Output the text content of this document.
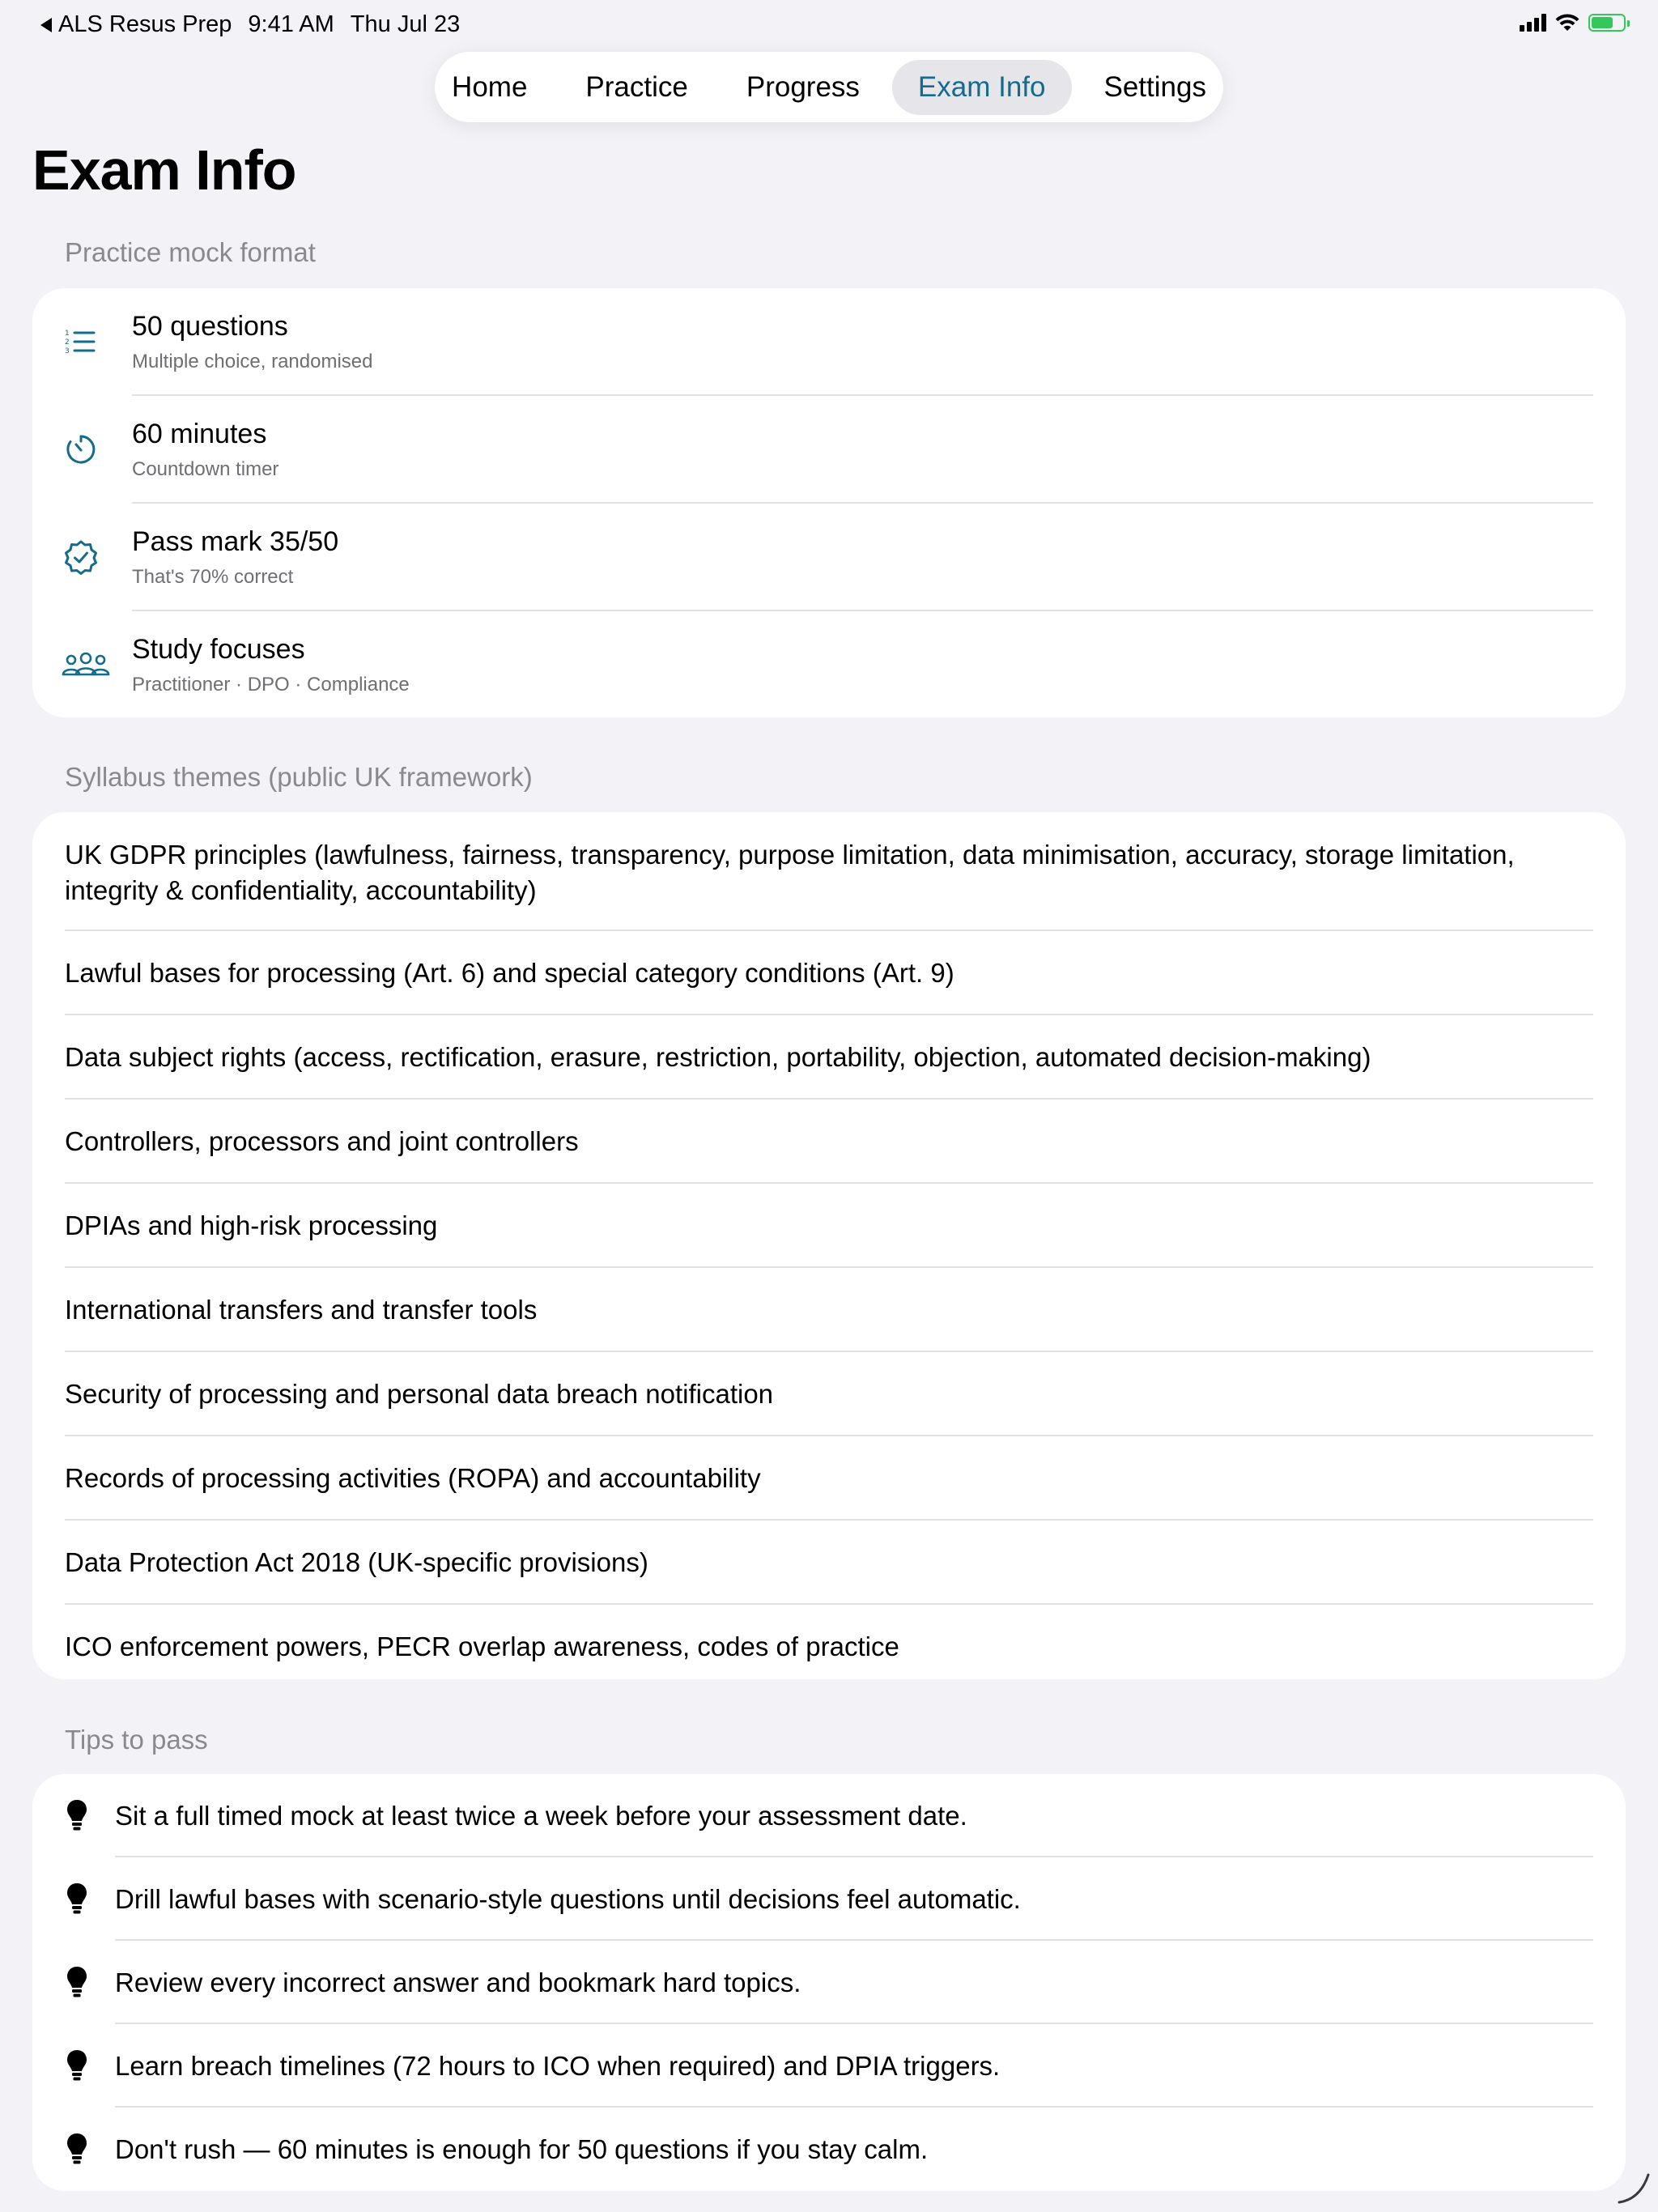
ALS Resus Prep 9:41 AM Thu Jul 23
Home	Practice	Progress	Exam Info	Settings
Exam Info
Practice mock format
1
2
3
50 questions
Multiple choice, randomised
60 minutes
Countdown timer
Pass mark 35/50
That's 70% correct
Study focuses
Practitioner · DPO · Compliance
Syllabus themes (public UK framework)
UK GDPR principles (lawfulness, fairness, transparency, purpose limitation, data minimisation, accuracy, storage limitation, integrity & confidentiality, accountability)
Lawful bases for processing (Art. 6) and special category conditions (Art. 9)
Data subject rights (access, rectification, erasure, restriction, portability, objection, automated decision-making)
Controllers, processors and joint controllers
DPIAs and high-risk processing
International transfers and transfer tools
Security of processing and personal data breach notification
Records of processing activities (ROPA) and accountability
Data Protection Act 2018 (UK-specific provisions)
ICO enforcement powers, PECR overlap awareness, codes of practice
Tips to pass
Sit a full timed mock at least twice a week before your assessment date.
Drill lawful bases with scenario-style questions until decisions feel automatic.
Review every incorrect answer and bookmark hard topics.
Learn breach timelines (72 hours to ICO when required) and DPIA triggers.
Don't rush — 60 minutes is enough for 50 questions if you stay calm.
